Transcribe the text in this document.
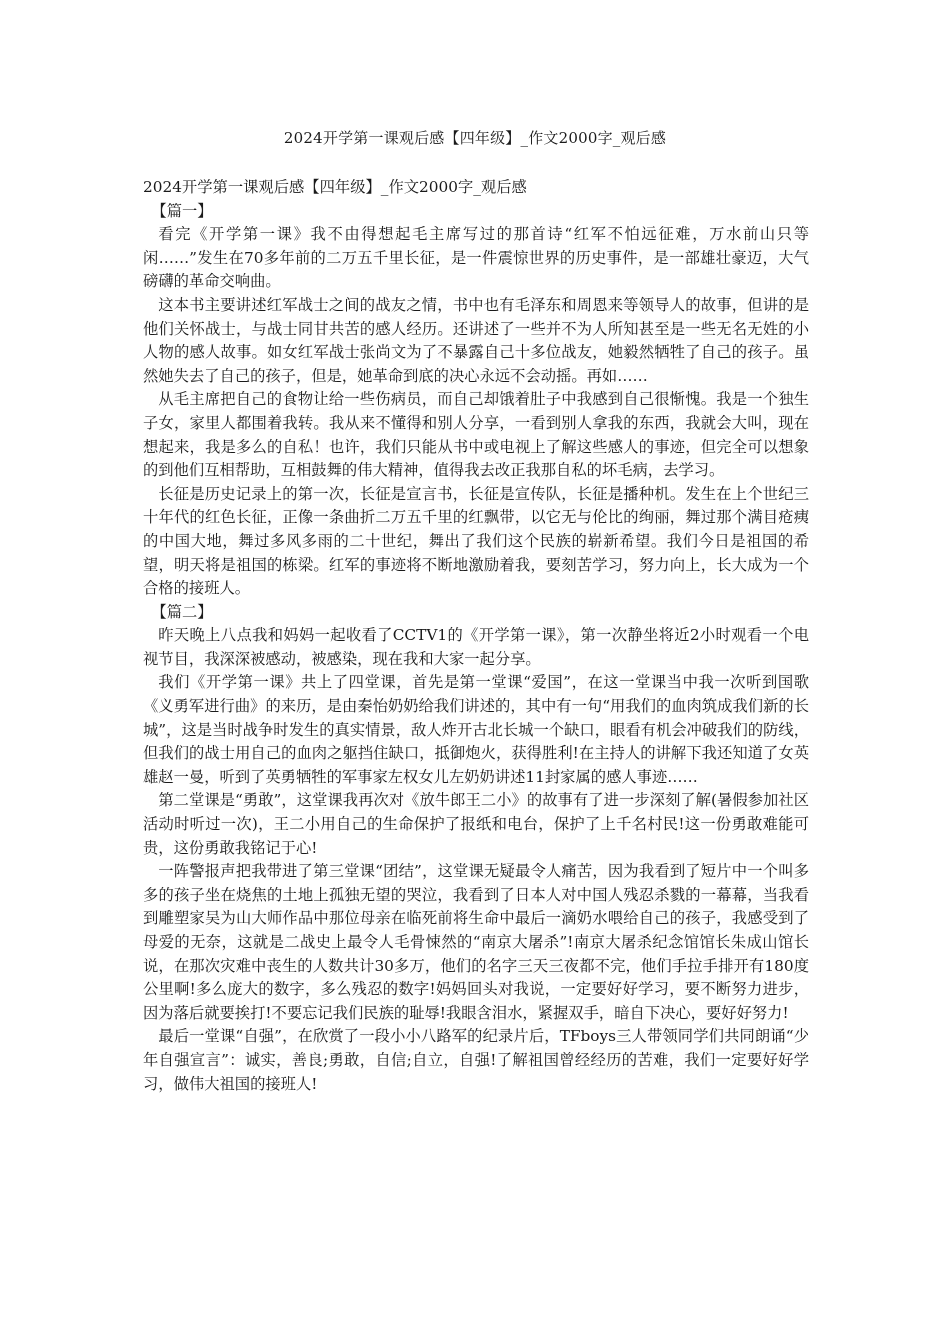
2024开学第一课观后感【四年级】_作文2000字_观后感

2024开学第一课观后感【四年级】_作文2000字_观后感

【篇一】

看完《开学第一课》我不由得想起毛主席写过的那首诗“红军不怕远征难，万水前山只等闲……”发生在70多年前的二万五千里长征，是一件震惊世界的历史事件，是一部雄壮豪迈，大气磅礴的革命交响曲。

这本书主要讲述红军战士之间的战友之情，书中也有毛泽东和周恩来等领导人的故事，但讲的是他们关怀战士，与战士同甘共苦的感人经历。还讲述了一些并不为人所知甚至是一些无名无姓的小人物的感人故事。如女红军战士张尚文为了不暴露自己十多位战友，她毅然牺牲了自己的孩子。虽然她失去了自己的孩子，但是，她革命到底的决心永远不会动摇。再如……

从毛主席把自己的食物让给一些伤病员，而自己却饿着肚子中我感到自己很惭愧。我是一个独生子女，家里人都围着我转。我从来不懂得和别人分享，一看到别人拿我的东西，我就会大叫，现在想起来，我是多么的自私！也许，我们只能从书中或电视上了解这些感人的事迹，但完全可以想象的到他们互相帮助，互相鼓舞的伟大精神，值得我去改正我那自私的坏毛病，去学习。

长征是历史记录上的第一次，长征是宣言书，长征是宣传队，长征是播种机。发生在上个世纪三十年代的红色长征，正像一条曲折二万五千里的红飘带，以它无与伦比的绚丽，舞过那个满目疮痍的中国大地，舞过多风多雨的二十世纪，舞出了我们这个民族的崭新希望。我们今日是祖国的希望，明天将是祖国的栋梁。红军的事迹将不断地激励着我，要刻苦学习，努力向上，长大成为一个合格的接班人。

【篇二】

昨天晚上八点我和妈妈一起收看了CCTV1的《开学第一课》，第一次静坐将近2小时观看一个电视节目，我深深被感动，被感染，现在我和大家一起分享。

我们《开学第一课》共上了四堂课，首先是第一堂课“爱国”，在这一堂课当中我一次听到国歌《义勇军进行曲》的来历，是由秦怡奶奶给我们讲述的，其中有一句“用我们的血肉筑成我们新的长城”，这是当时战争时发生的真实情景，敌人炸开古北长城一个缺口，眼看有机会冲破我们的防线，但我们的战士用自己的血肉之躯挡住缺口，抵御炮火，获得胜利!在主持人的讲解下我还知道了女英雄赵一曼，听到了英勇牺牲的军事家左权女儿左奶奶讲述11封家属的感人事迹……

第二堂课是“勇敢”，这堂课我再次对《放牛郎王二小》的故事有了进一步深刻了解(暑假参加社区活动时听过一次)，王二小用自己的生命保护了报纸和电台，保护了上千名村民!这一份勇敢难能可贵，这份勇敢我铭记于心!

一阵警报声把我带进了第三堂课“团结”，这堂课无疑最令人痛苦，因为我看到了短片中一个叫多多的孩子坐在烧焦的土地上孤独无望的哭泣，我看到了日本人对中国人残忍杀戮的一幕幕，当我看到雕塑家吴为山大师作品中那位母亲在临死前将生命中最后一滴奶水喂给自己的孩子，我感受到了母爱的无奈，这就是二战史上最令人毛骨悚然的“南京大屠杀”!南京大屠杀纪念馆馆长朱成山馆长说，在那次灾难中丧生的人数共计30多万，他们的名字三天三夜都不完，他们手拉手排开有180度公里啊!多么庞大的数字，多么残忍的数字!妈妈回头对我说，一定要好好学习，要不断努力进步，因为落后就要挨打!不要忘记我们民族的耻辱!我眼含泪水，紧握双手，暗自下决心，要好好努力!

最后一堂课“自强”，在欣赏了一段小小八路军的纪录片后，TFboys三人带领同学们共同朗诵“少年自强宣言”：诚实，善良;勇敢，自信;自立，自强!了解祖国曾经经历的苦难，我们一定要好好学习，做伟大祖国的接班人!
